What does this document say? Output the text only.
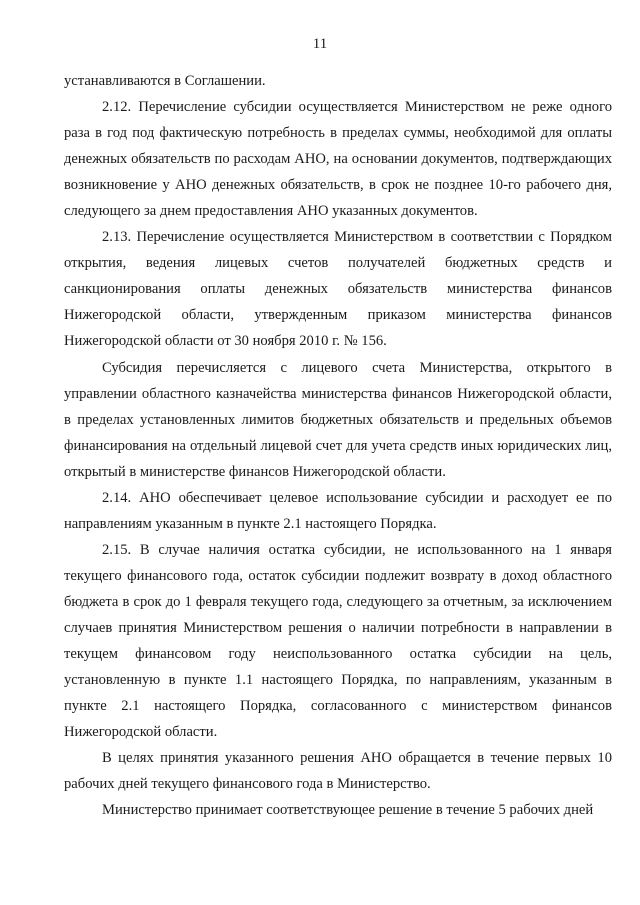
11

устанавливаются в Соглашении.

2.12. Перечисление субсидии осуществляется Министерством не реже одного раза в год под фактическую потребность в пределах суммы, необходимой для оплаты денежных обязательств по расходам АНО, на основании документов, подтверждающих возникновение у АНО денежных обязательств, в срок не позднее 10-го рабочего дня, следующего за днем предоставления АНО указанных документов.

2.13. Перечисление осуществляется Министерством в соответствии с Порядком открытия, ведения лицевых счетов получателей бюджетных средств и санкционирования оплаты денежных обязательств министерства финансов Нижегородской области, утвержденным приказом министерства финансов Нижегородской области от 30 ноября 2010 г. № 156.

Субсидия перечисляется с лицевого счета Министерства, открытого в управлении областного казначейства министерства финансов Нижегородской области, в пределах установленных лимитов бюджетных обязательств и предельных объемов финансирования на отдельный лицевой счет для учета средств иных юридических лиц, открытый в министерстве финансов Нижегородской области.

2.14. АНО обеспечивает целевое использование субсидии и расходует ее по направлениям указанным в пункте 2.1 настоящего Порядка.

2.15. В случае наличия остатка субсидии, не использованного на 1 января текущего финансового года, остаток субсидии подлежит возврату в доход областного бюджета в срок до 1 февраля текущего года, следующего за отчетным, за исключением случаев принятия Министерством решения о наличии потребности в направлении в текущем финансовом году неиспользованного остатка субсидии на цель, установленную в пункте 1.1 настоящего Порядка, по направлениям, указанным в пункте 2.1 настоящего Порядка, согласованного с министерством финансов Нижегородской области.

В целях принятия указанного решения АНО обращается в течение первых 10 рабочих дней текущего финансового года в Министерство.

Министерство принимает соответствующее решение в течение 5 рабочих дней
